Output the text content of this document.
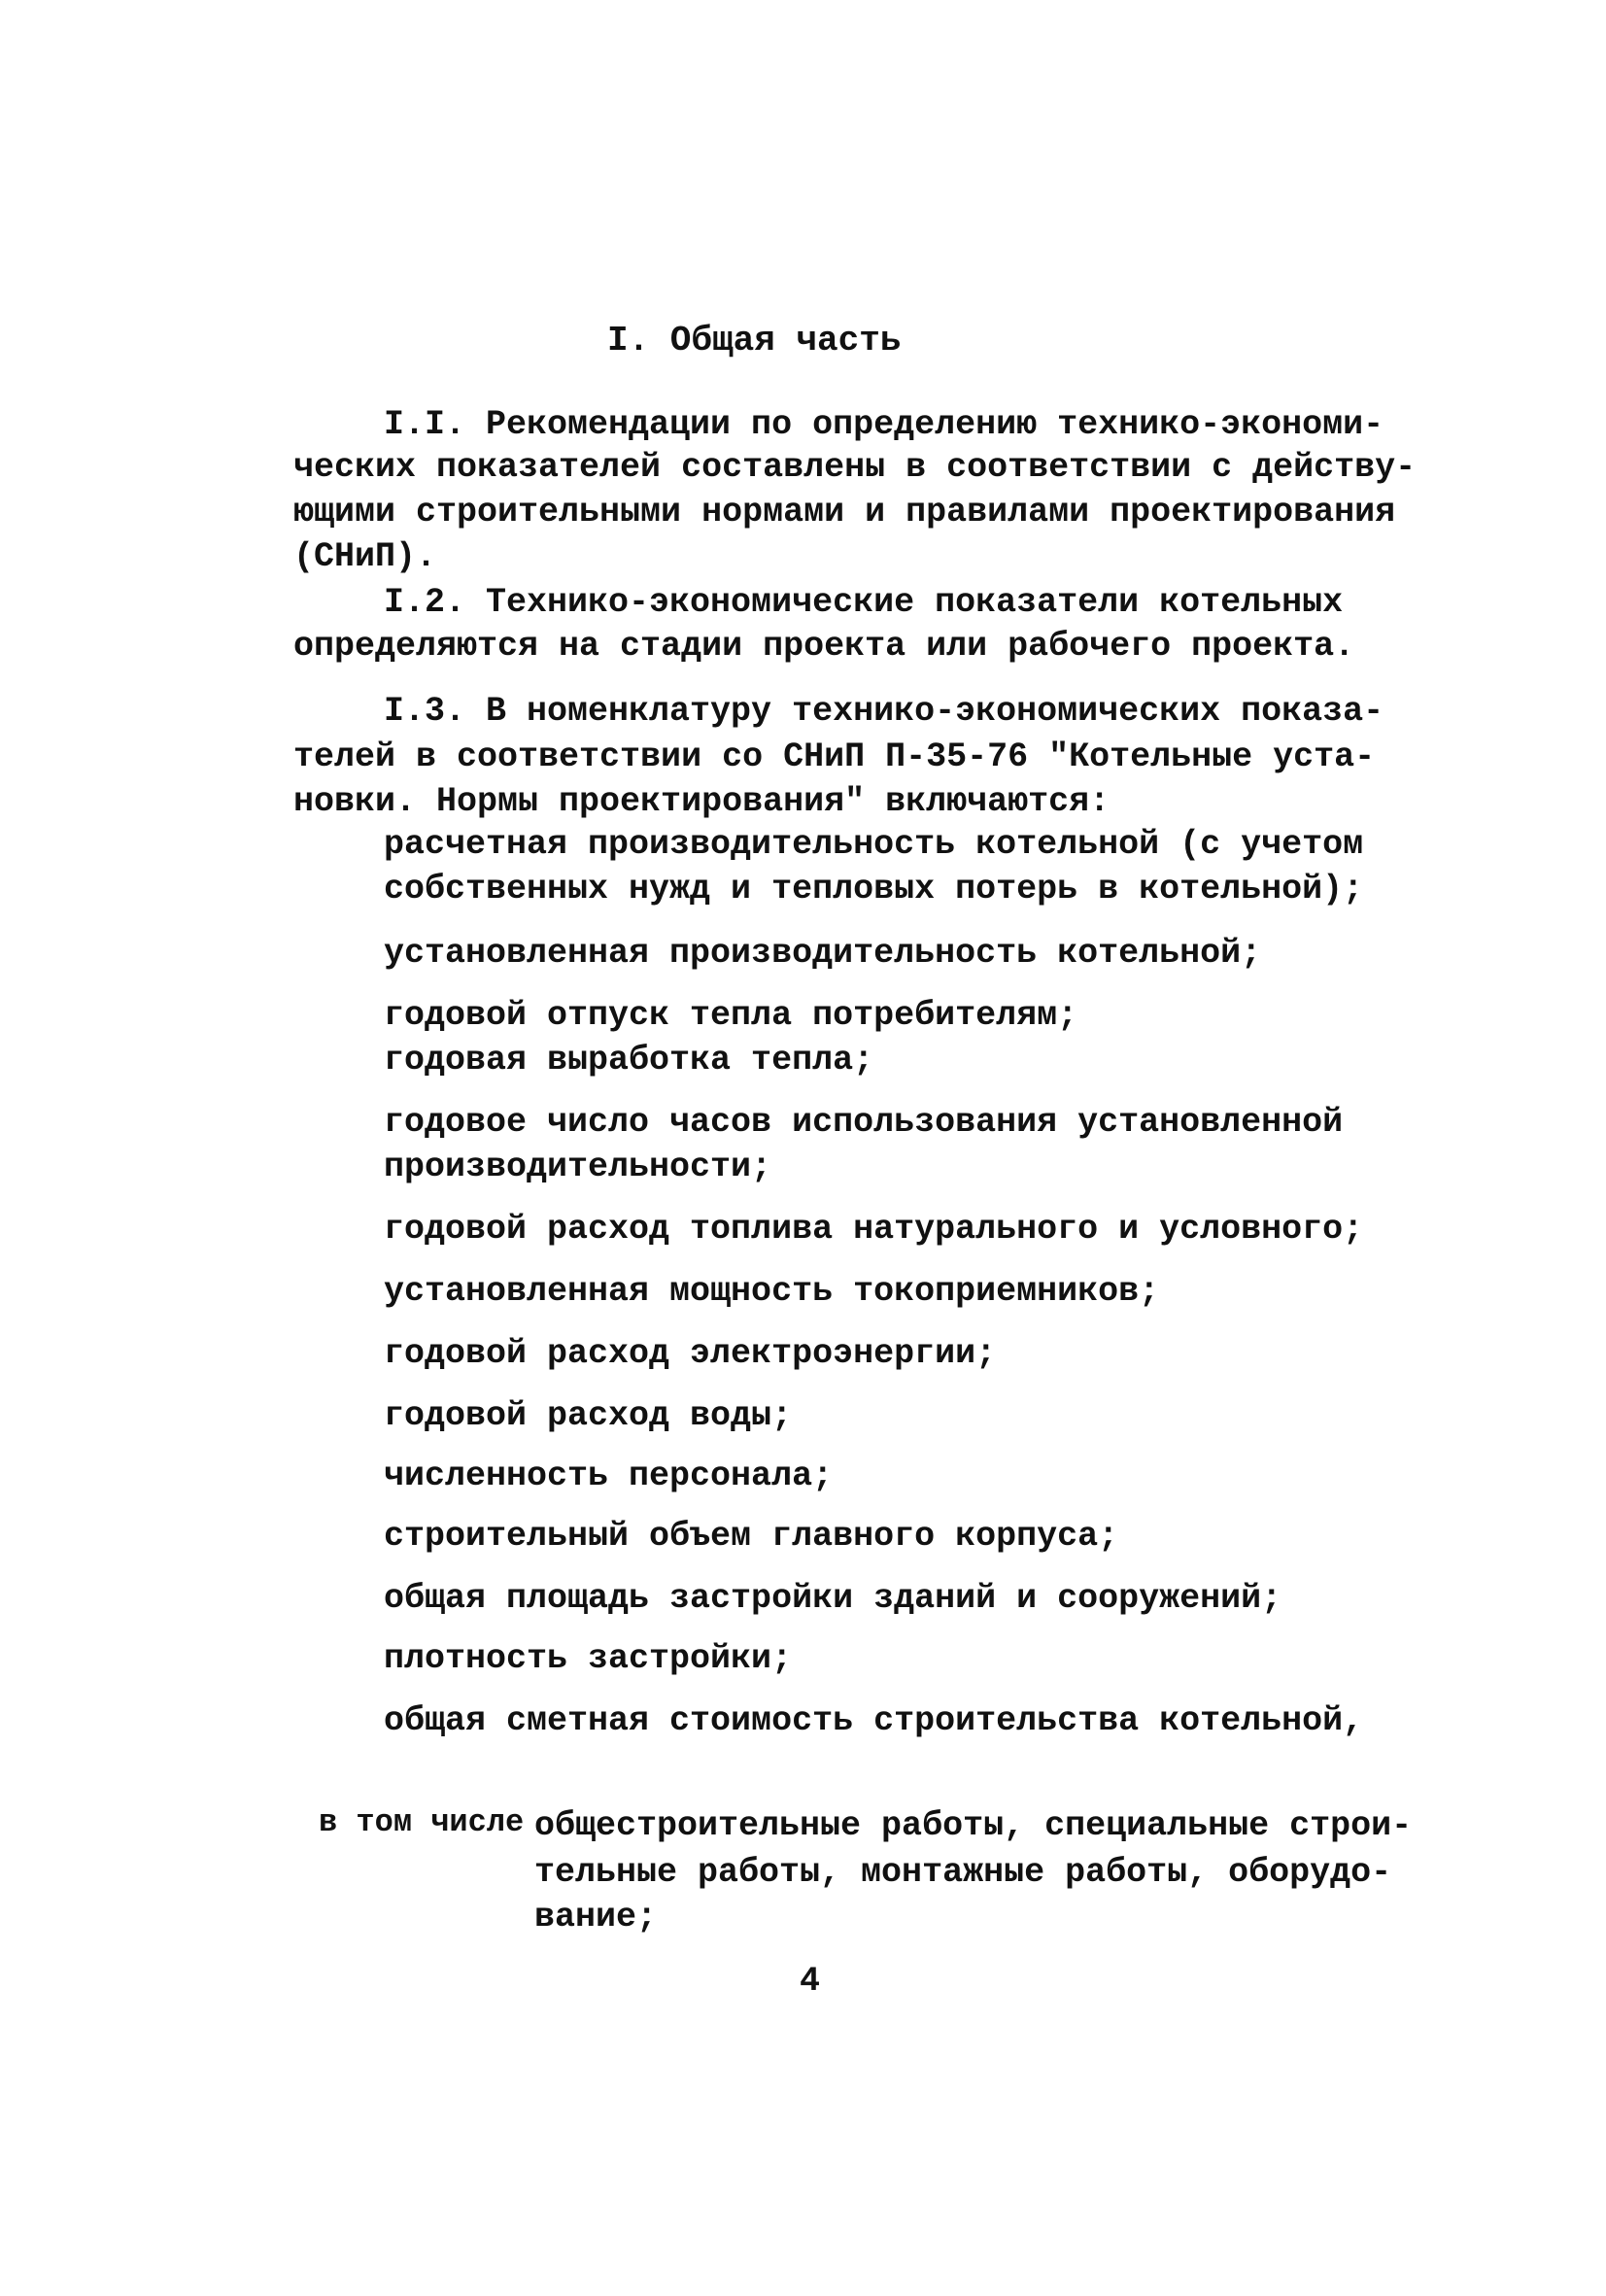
I. Общая часть
I.I. Рекомендации по определению технико-экономи-
ческих показателей составлены в соответствии с действу-
ющими строительными нормами и правилами проектирования
(СНиП).
I.2. Технико-экономические показатели котельных
определяются на стадии проекта или рабочего проекта.
I.3. В номенклатуру технико-экономических показа-
телей в соответствии со СНиП П-35-76 "Котельные уста-
новки. Нормы проектирования" включаются:
расчетная производительность котельной (с учетом
собственных нужд и тепловых потерь в котельной);
установленная производительность котельной;
годовой отпуск тепла потребителям;
годовая выработка тепла;
годовое число часов использования установленной
производительности;
годовой расход топлива натурального и условного;
установленная мощность токоприемников;
годовой расход электроэнергии;
годовой расход воды;
численность персонала;
строительный объем главного корпуса;
общая площадь застройки зданий и сооружений;
плотность застройки;
общая сметная стоимость строительства котельной,
в том числе общестроительные работы, специальные строи-
тельные работы, монтажные работы, оборудо-
вание;
4
